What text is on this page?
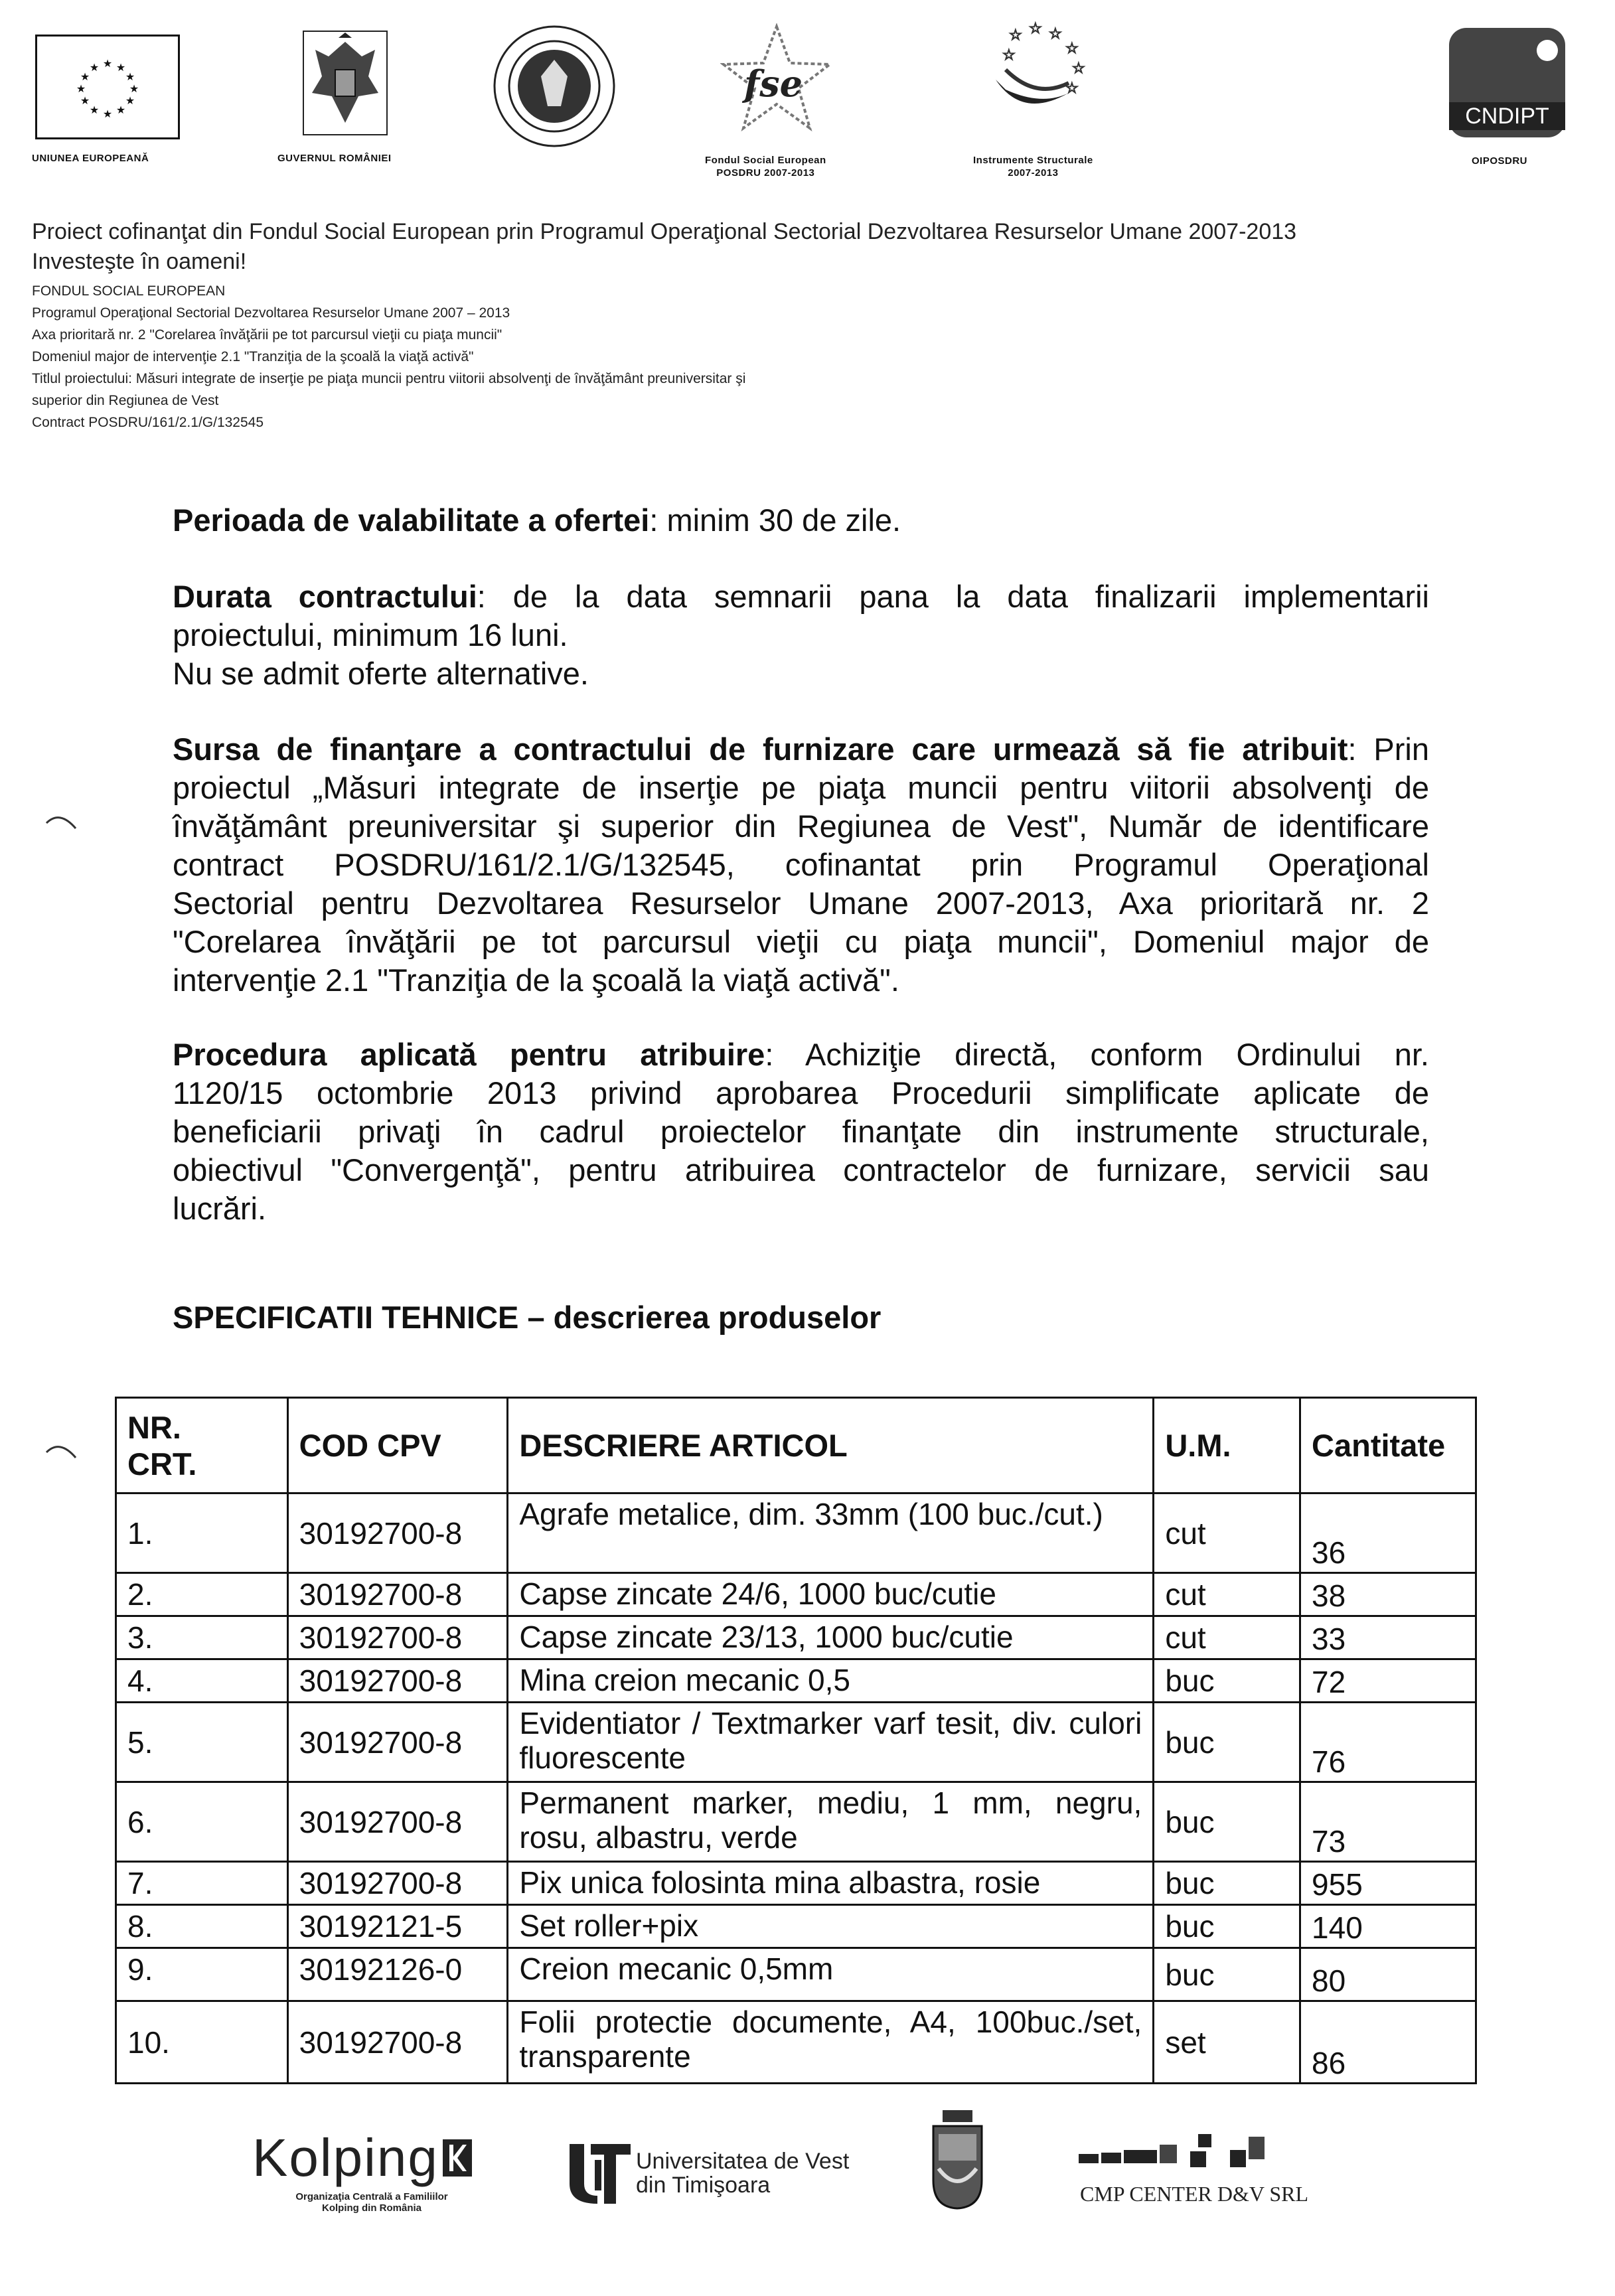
★ ★
★
★
★
★
★
★
★
★
★
★
UNIUNEA EUROPEANĂ	GUVERNUL ROMÂNIEI
fse
Fondul Social European
POSDRU 2007-2013
☆ ☆ ☆
☆
☆
☆
☆
Instrumente Structurale
2007-2013
CNDIPT
OIPOSDRU
Proiect cofinanţat din Fondul Social European prin Programul Operaţional Sectorial Dezvoltarea Resurselor Umane 2007-2013
Investeşte în oameni!
FONDUL SOCIAL EUROPEAN
Programul Operaţional Sectorial Dezvoltarea Resurselor Umane 2007 – 2013
Axa prioritară nr. 2 "Corelarea învăţării pe tot parcursul vieţii cu piaţa muncii"
Domeniul major de intervenţie 2.1 "Tranziţia de la şcoală la viaţă activă"
Titlul proiectului: Măsuri integrate de inserţie pe piaţa muncii pentru viitorii absolvenţi de învăţământ preuniversitar şi
superior din Regiunea de Vest
Contract POSDRU/161/2.1/G/132545
Perioada de valabilitate a ofertei: minim 30 de zile.
Durata contractului: de la data semnarii pana la data finalizarii implementarii
proiectului, minimum 16 luni.
Nu se admit oferte alternative.
Sursa de finanţare a contractului de furnizare care urmează să fie atribuit: Prin
proiectul „Măsuri integrate de inserţie pe piaţa muncii pentru viitorii absolvenţi de
învăţământ preuniversitar şi superior din Regiunea de Vest", Număr de identificare
contract POSDRU/161/2.1/G/132545, cofinantat prin Programul Operaţional
Sectorial pentru Dezvoltarea Resurselor Umane 2007-2013, Axa prioritară nr. 2
"Corelarea învăţării pe tot parcursul vieţii cu piaţa muncii", Domeniul major de
intervenţie 2.1 "Tranziţia de la şcoală la viaţă activă".
Procedura aplicată pentru atribuire: Achiziţie directă, conform Ordinului nr.
1120/15 octombrie 2013 privind aprobarea Procedurii simplificate aplicate de
beneficiarii privaţi în cadrul proiectelor finanţate din instrumente structurale,
obiectivul "Convergenţă", pentru atribuirea contractelor de furnizare, servicii sau
lucrări.
SPECIFICATII TEHNICE – descrierea produselor
NR.
CRT.	COD CPV	DESCRIERE ARTICOL	U.M.	Cantitate
1.	30192700-8	Agrafe metalice, dim. 33mm (100 buc./cut.)	cut	36
2.	30192700-8	Capse zincate 24/6, 1000 buc/cutie	cut	38
3.	30192700-8	Capse zincate 23/13, 1000 buc/cutie	cut	33
4.	30192700-8	Mina creion mecanic 0,5	buc	72
5.	30192700-8	Evidentiator / Textmarker varf tesit, div. culori fluorescente	buc	76
6.	30192700-8	Permanent marker, mediu, 1 mm, negru, rosu, albastru, verde	buc	73
7.	30192700-8	Pix unica folosinta mina albastra, rosie	buc	955
8.	30192121-5	Set roller+pix	buc	140
9.	30192126-0	Creion mecanic 0,5mm	buc	80
10.	30192700-8	Folii protectie documente, A4, 100buc./set, transparente	set	86
Kolping
Organizaţia Centrală a Familiilor
Kolping din România
Universitatea de Vest
din Timişoara	CMP CENTER D&V SRL
